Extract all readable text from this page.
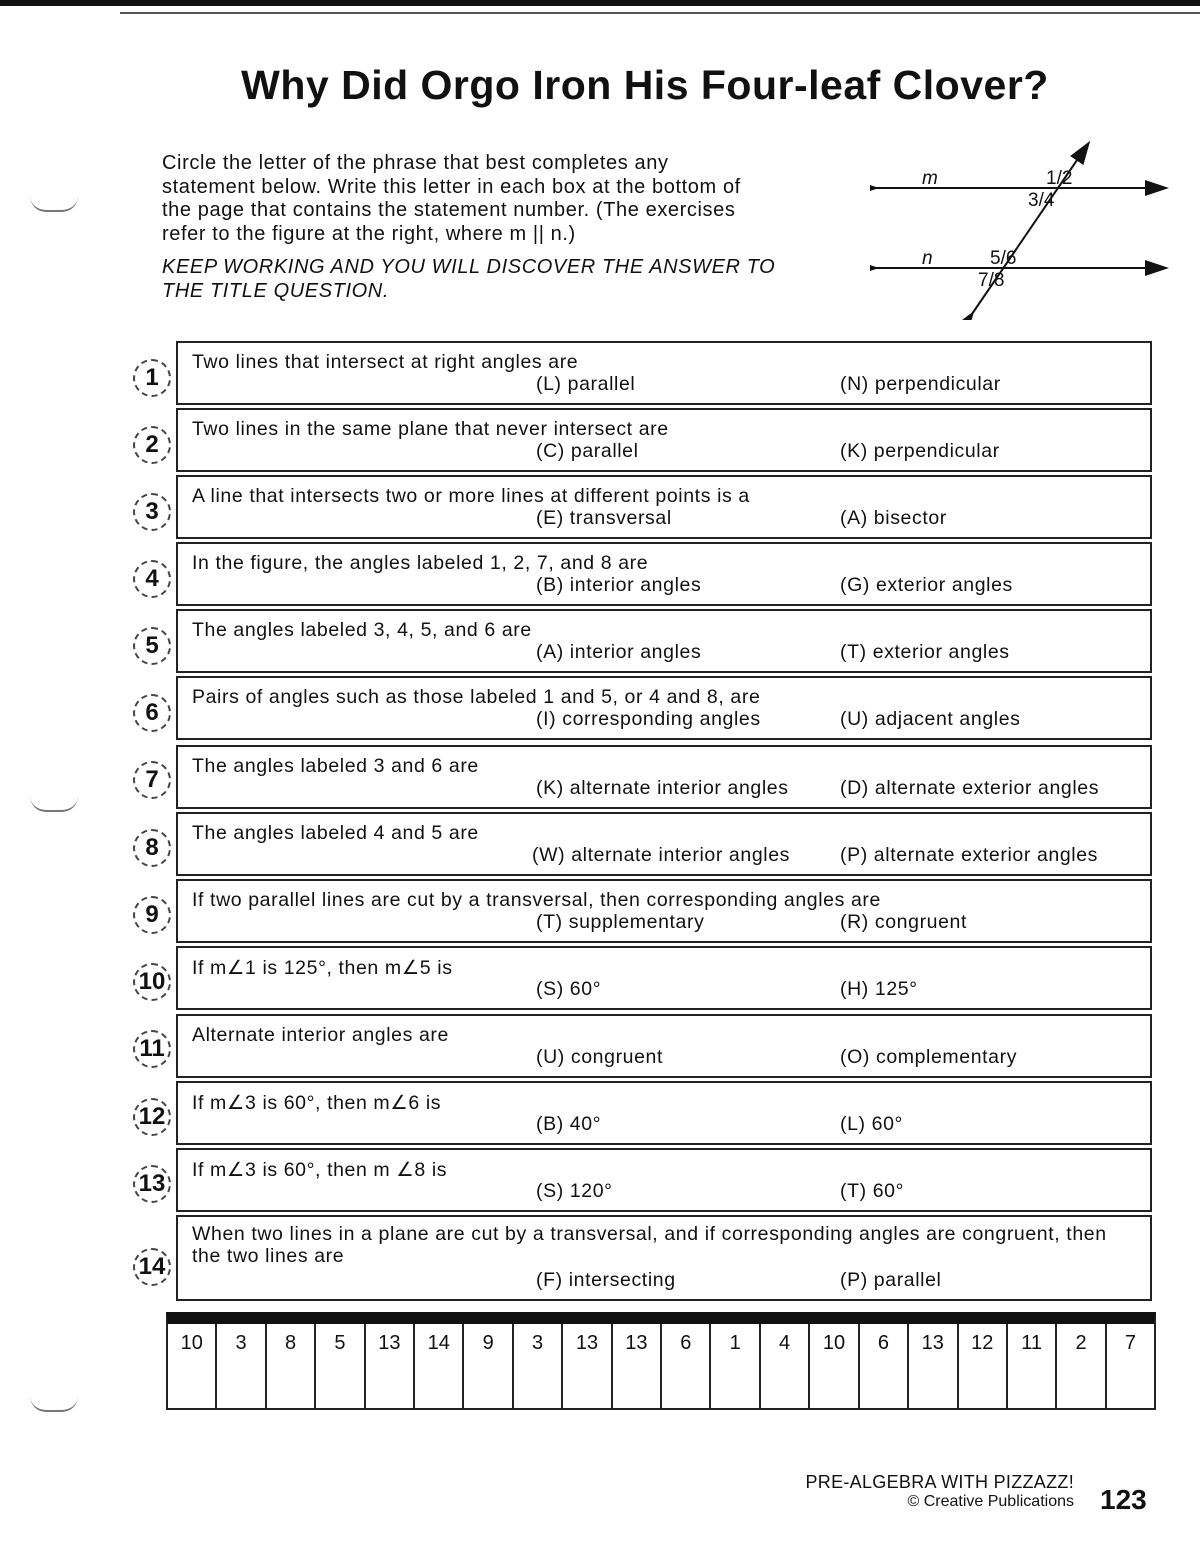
Why Did Orgo Iron His Four-leaf Clover?
Circle the letter of the phrase that best completes any
statement below. Write this letter in each box at the bottom of
the page that contains the statement number. (The exercises
refer to the figure at the right, where m || n.)
KEEP WORKING AND YOU WILL DISCOVER THE ANSWER TO
THE TITLE QUESTION.
m
n
1/2
3/4
5/6
7/8
1
Two lines that intersect at right angles are
(L) parallel	(N) perpendicular
2
Two lines in the same plane that never intersect are
(C) parallel	(K) perpendicular
3
A line that intersects two or more lines at different points is a
(E) transversal	(A) bisector
4
In the figure, the angles labeled 1, 2, 7, and 8 are
(B) interior angles	(G) exterior angles
5
The angles labeled 3, 4, 5, and 6 are
(A) interior angles	(T) exterior angles
6
Pairs of angles such as those labeled 1 and 5, or 4 and 8, are
(I) corresponding angles	(U) adjacent angles
7	The angles labeled 3 and 6 are
(K) alternate interior angles	(D) alternate exterior angles
8
The angles labeled 4 and 5 are
(W) alternate interior angles	(P) alternate exterior angles
9
If two parallel lines are cut by a transversal, then corresponding angles are
(T) supplementary	(R) congruent
10 If m∠1 is 125°, then m∠5 is
(S) 60°	(H) 125°
11	Alternate interior angles are
(U) congruent	(O) complementary
12 If m∠3 is 60°, then m∠6 is
(B) 40°	(L) 60°
13 If m∠3 is 60°, then m ∠8 is
(S) 120°	(T) 60°
14
When two lines in a plane are cut by a transversal, and if corresponding angles are congruent, then the two lines are
(F) intersecting	(P) parallel
10	3	8	5	13	14	9	3	13	13	6	1	4	10	6	13	12	11	2	7
PRE-ALGEBRA WITH PIZZAZZ!
© Creative Publications 123
